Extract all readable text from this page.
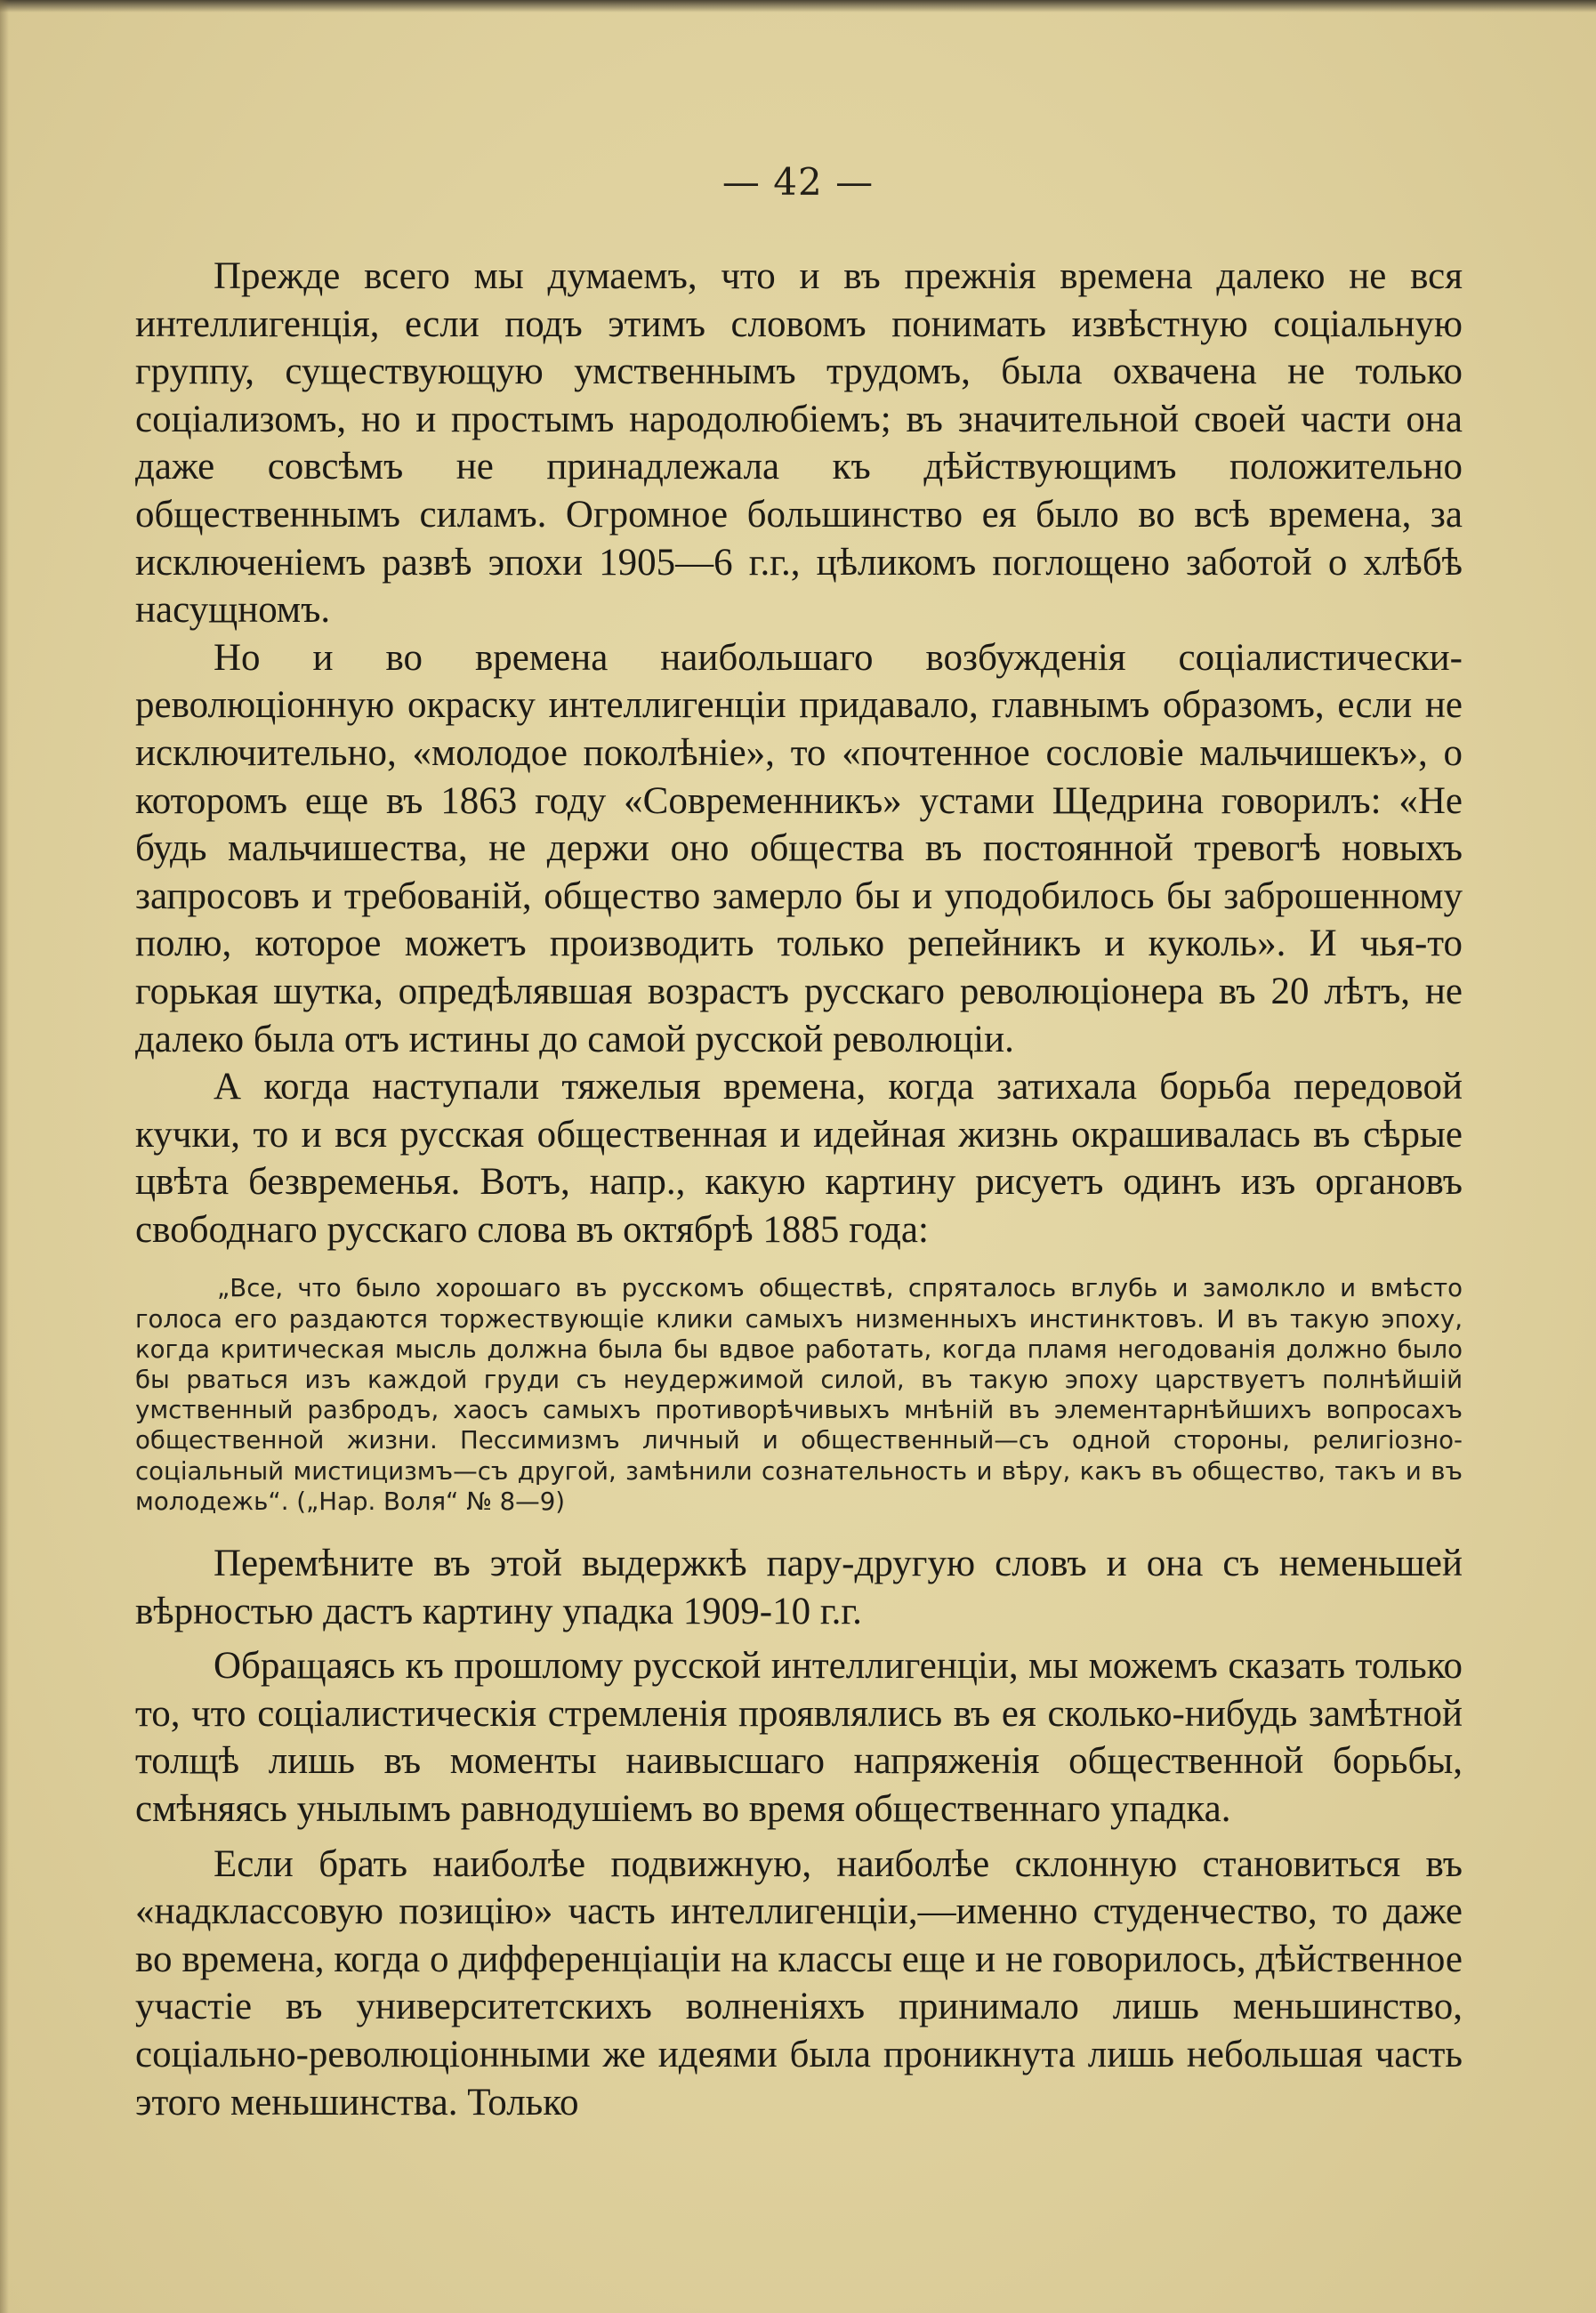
— 42 —

Прежде всего мы думаемъ, что и въ прежнія времена далеко не вся интеллигенція, если подъ этимъ словомъ понимать извѣстную соціальную группу, существующую умственнымъ трудомъ, была охвачена не только соціализомъ, но и простымъ народолюбіемъ; въ значительной своей части она даже совсѣмъ не принадлежала къ дѣйствующимъ положительно общественнымъ силамъ. Огромное большинство ея было во всѣ времена, за исключеніемъ развѣ эпохи 1905—6 г.г., цѣликомъ поглощено заботой о хлѣбѣ насущномъ.

Но и во времена наибольшаго возбужденія соціалистически-революціонную окраску интеллигенціи придавало, главнымъ образомъ, если не исключительно, «молодое поколѣніе», то «почтенное сословіе мальчишекъ», о которомъ еще въ 1863 году «Современникъ» устами Щедрина говорилъ: «Не будь мальчишества, не держи оно общества въ постоянной тревогѣ новыхъ запросовъ и требованій, общество замерло бы и уподобилось бы заброшенному полю, которое можетъ производить только репейникъ и куколь». И чья-то горькая шутка, опредѣлявшая возрастъ русскаго революціонера въ 20 лѣтъ, не далеко была отъ истины до самой русской революціи.

А когда наступали тяжелыя времена, когда затихала борьба передовой кучки, то и вся русская общественная и идейная жизнь окрашивалась въ сѣрые цвѣта безвременья. Вотъ, напр., какую картину рисуетъ одинъ изъ органовъ свободнаго русскаго слова въ октябрѣ 1885 года:

„Все, что было хорошаго въ русскомъ обществѣ, спряталось вглубь и замолкло и вмѣсто голоса его раздаются торжествующіе клики самыхъ низменныхъ инстинктовъ. И въ такую эпоху, когда критическая мысль должна была бы вдвое работать, когда пламя негодованія должно было бы рваться изъ каждой груди съ неудержимой силой, въ такую эпоху царствуетъ полнѣйшій умственный разбродъ, хаосъ самыхъ противорѣчивыхъ мнѣній въ элементарнѣйшихъ вопросахъ общественной жизни. Пессимизмъ личный и общественный—съ одной стороны, религіозно-соціальный мистицизмъ—съ другой, замѣнили сознательность и вѣру, какъ въ общество, такъ и въ молодежь“. („Нар. Воля“ № 8—9)

Перемѣните въ этой выдержкѣ пару-другую словъ и она съ неменьшей вѣрностью дастъ картину упадка 1909-10 г.г.

Обращаясь къ прошлому русской интеллигенціи, мы можемъ сказать только то, что соціалистическія стремленія проявлялись въ ея сколько-нибудь замѣтной толщѣ лишь въ моменты наивысшаго напряженія общественной борьбы, смѣняясь унылымъ равнодушіемъ во время общественнаго упадка.

Если брать наиболѣе подвижную, наиболѣе склонную становиться въ «надклассовую позицію» часть интеллигенціи,—именно студенчество, то даже во времена, когда о дифференціаціи на классы еще и не говорилось, дѣйственное участіе въ университетскихъ волненіяхъ принимало лишь меньшинство, соціально-революціонными же идеями была проникнута лишь небольшая часть этого меньшинства. Только
